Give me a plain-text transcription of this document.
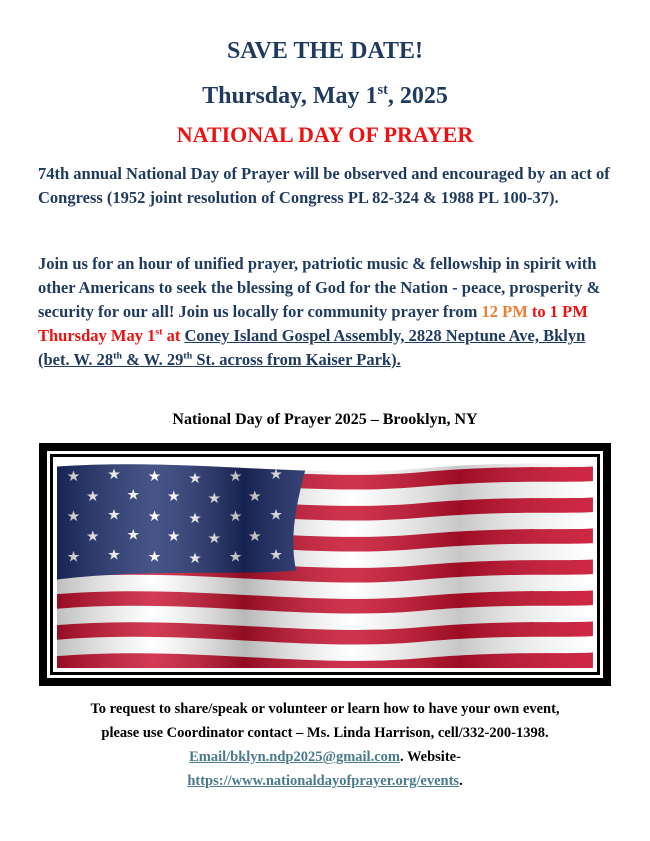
SAVE THE DATE!
Thursday, May 1st, 2025
NATIONAL DAY OF PRAYER
74th annual National Day of Prayer will be observed and encouraged by an act of Congress (1952 joint resolution of Congress PL 82-324 & 1988 PL 100-37).
Join us for an hour of unified prayer, patriotic music & fellowship in spirit with other Americans to seek the blessing of God for the Nation - peace, prosperity & security for our all! Join us locally for community prayer from 12 PM to 1 PM Thursday May 1st at Coney Island Gospel Assembly, 2828 Neptune Ave, Bklyn (bet. W. 28th & W. 29th St. across from Kaiser Park).
National Day of Prayer 2025 – Brooklyn, NY
To request to share/speak or volunteer or learn how to have your own event,
please use Coordinator contact – Ms. Linda Harrison, cell/332-200-1398.
Email/bklyn.ndp2025@gmail.com. Website-
https://www.nationaldayofprayer.org/events.
